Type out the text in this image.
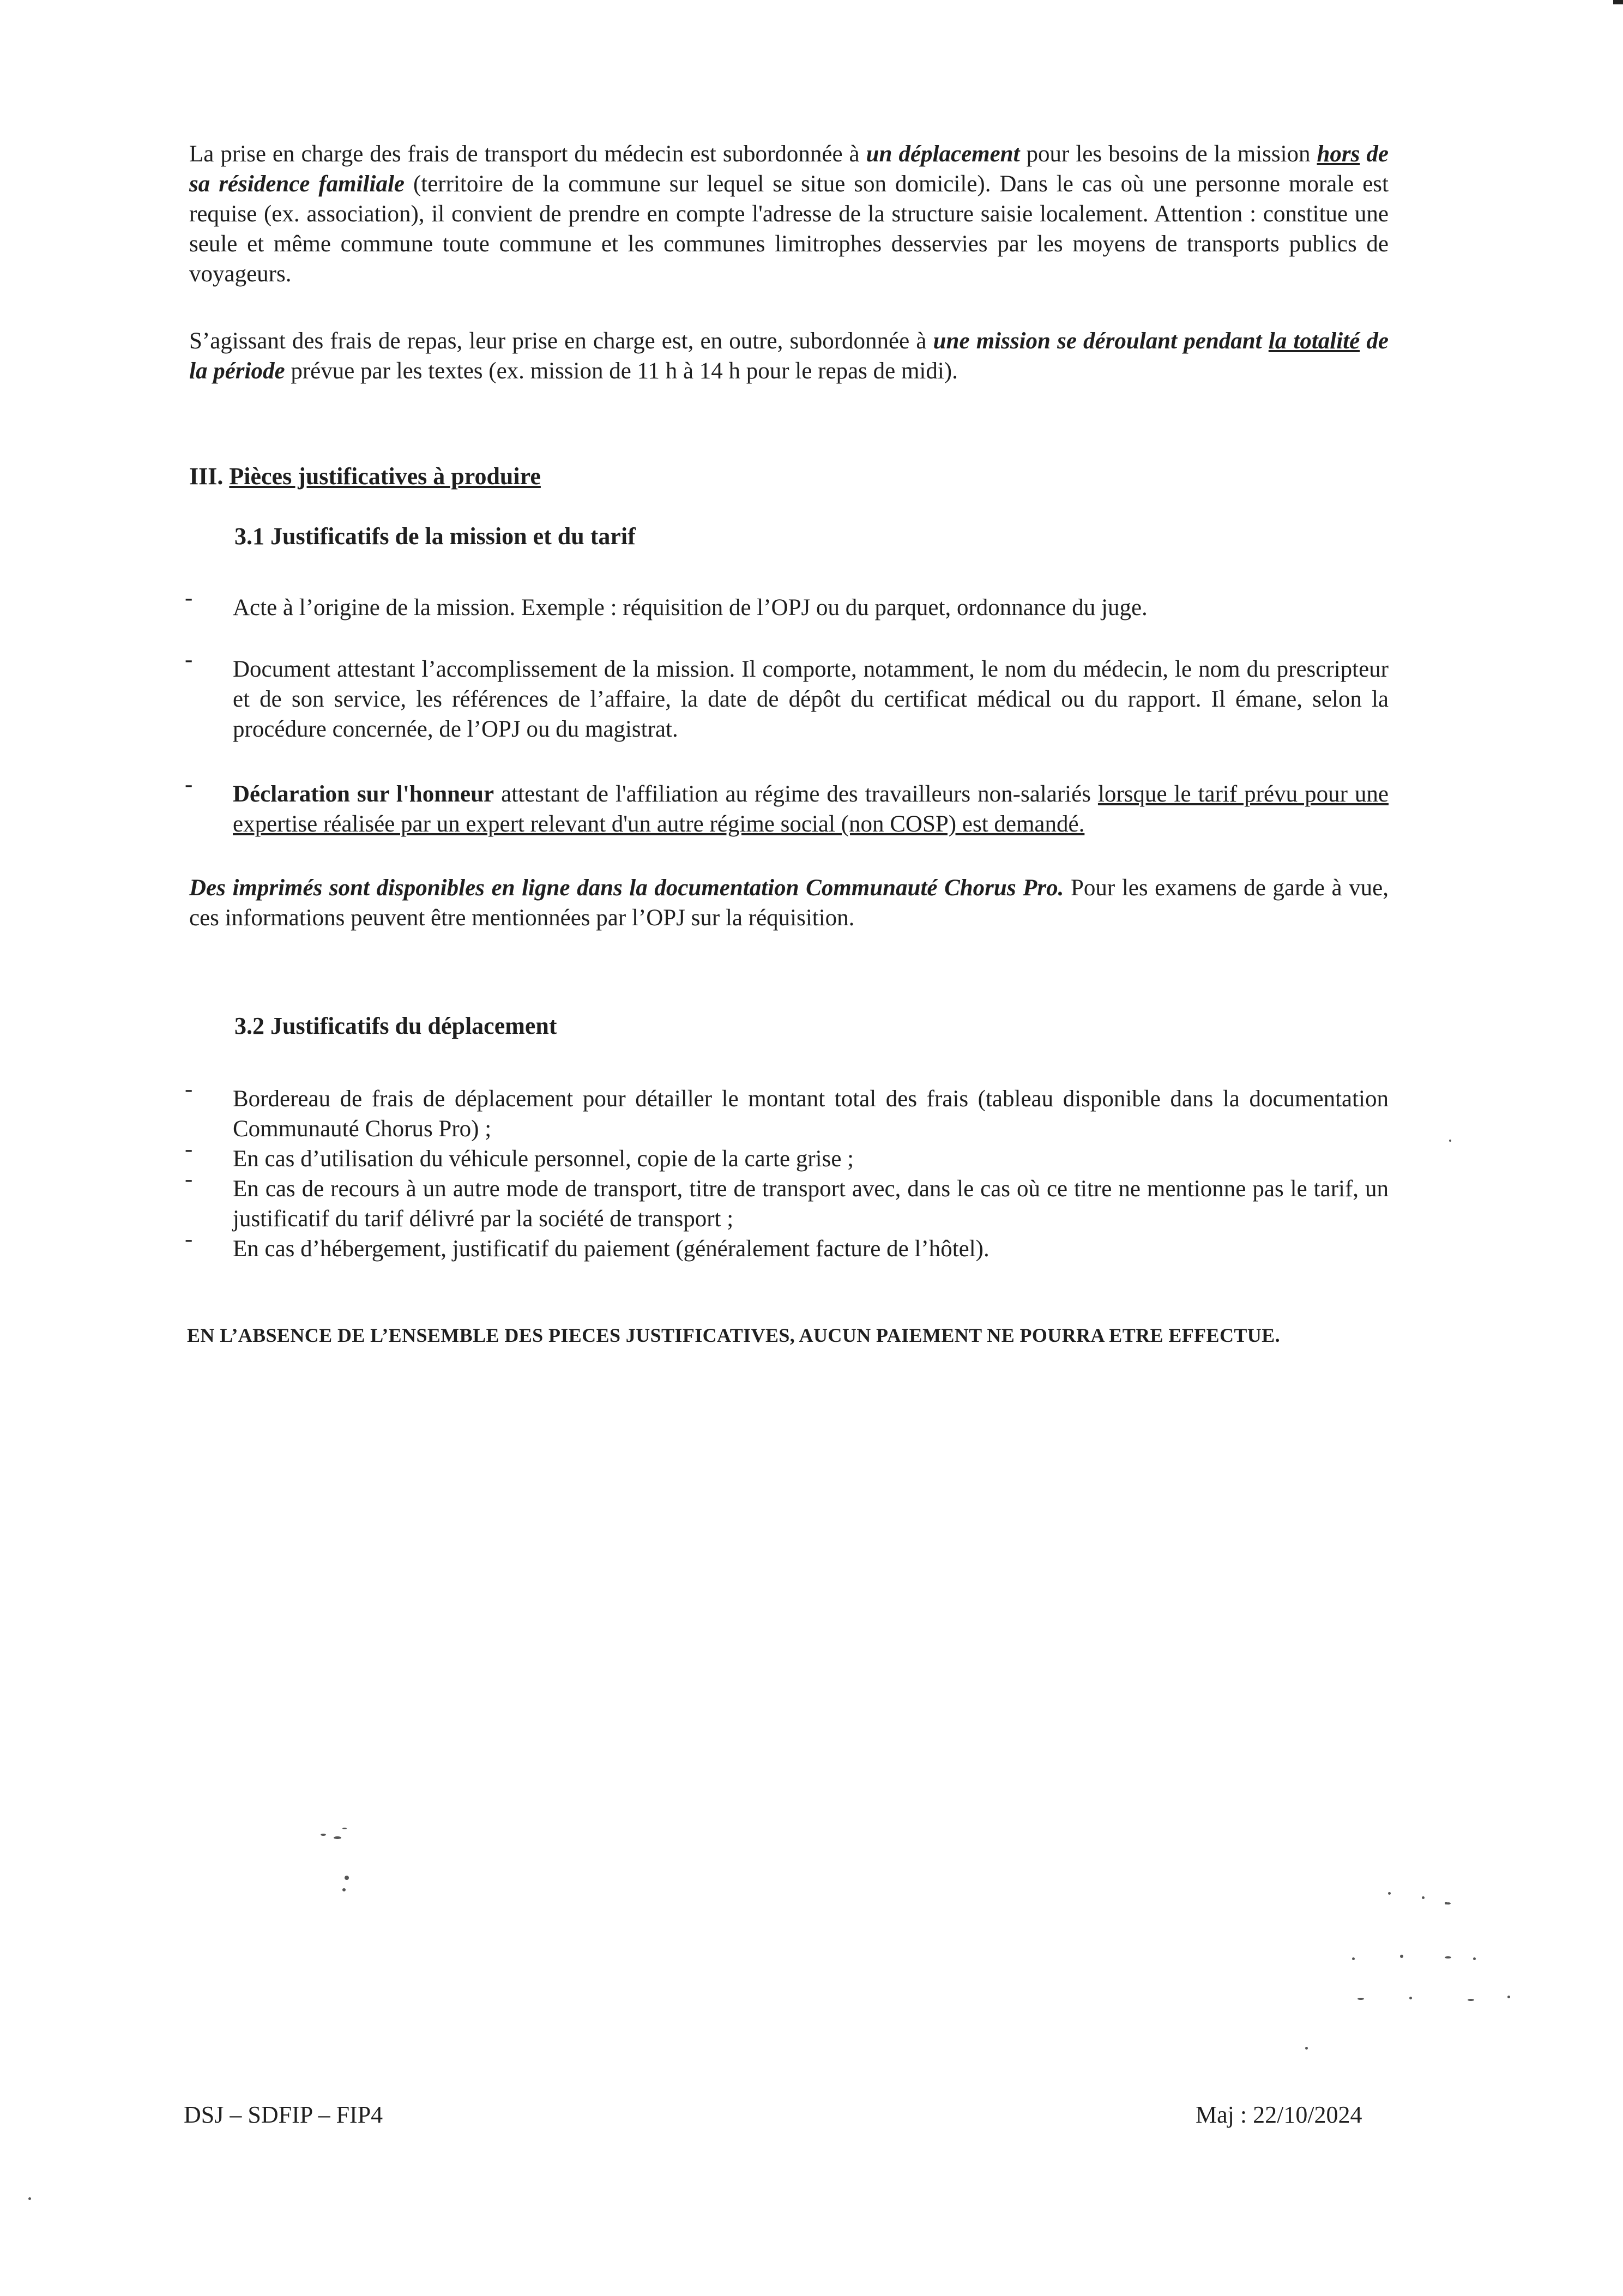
La prise en charge des frais de transport du médecin est subordonnée à un déplacement pour les besoins de la mission hors de sa résidence familiale (territoire de la commune sur lequel se situe son domicile). Dans le cas où une personne morale est requise (ex. association), il convient de prendre en compte l'adresse de la structure saisie localement. Attention : constitue une seule et même commune toute commune et les communes limitrophes desservies par les moyens de transports publics de voyageurs.

S’agissant des frais de repas, leur prise en charge est, en outre, subordonnée à une mission se déroulant pendant la totalité de la période prévue par les textes (ex. mission de 11 h à 14 h pour le repas de midi).

III. Pièces justificatives à produire
3.1 Justificatifs de la mission et du tarif
- Acte à l’origine de la mission. Exemple : réquisition de l’OPJ ou du parquet, ordonnance du juge.

- Document attestant l’accomplissement de la mission. Il comporte, notamment, le nom du médecin, le nom du prescripteur et de son service, les références de l’affaire, la date de dépôt du certificat médical ou du rapport. Il émane, selon la procédure concernée, de l’OPJ ou du magistrat.

- Déclaration sur l'honneur attestant de l'affiliation au régime des travailleurs non-salariés lorsque le tarif prévu pour une expertise réalisée par un expert relevant d'un autre régime social (non COSP) est demandé.

Des imprimés sont disponibles en ligne dans la documentation Communauté Chorus Pro. Pour les examens de garde à vue, ces informations peuvent être mentionnées par l’OPJ sur la réquisition.

3.2 Justificatifs du déplacement
- Bordereau de frais de déplacement pour détailler le montant total des frais (tableau disponible dans la documentation Communauté Chorus Pro) ;

- En cas d’utilisation du véhicule personnel, copie de la carte grise ;

- En cas de recours à un autre mode de transport, titre de transport avec, dans le cas où ce titre ne mentionne pas le tarif, un justificatif du tarif délivré par la société de transport ;

- En cas d’hébergement, justificatif du paiement (généralement facture de l’hôtel).

EN L’ABSENCE DE L’ENSEMBLE DES PIECES JUSTIFICATIVES, AUCUN PAIEMENT NE POURRA ETRE EFFECTUE.
DSJ – SDFIP – FIP4	Maj : 22/10/2024
